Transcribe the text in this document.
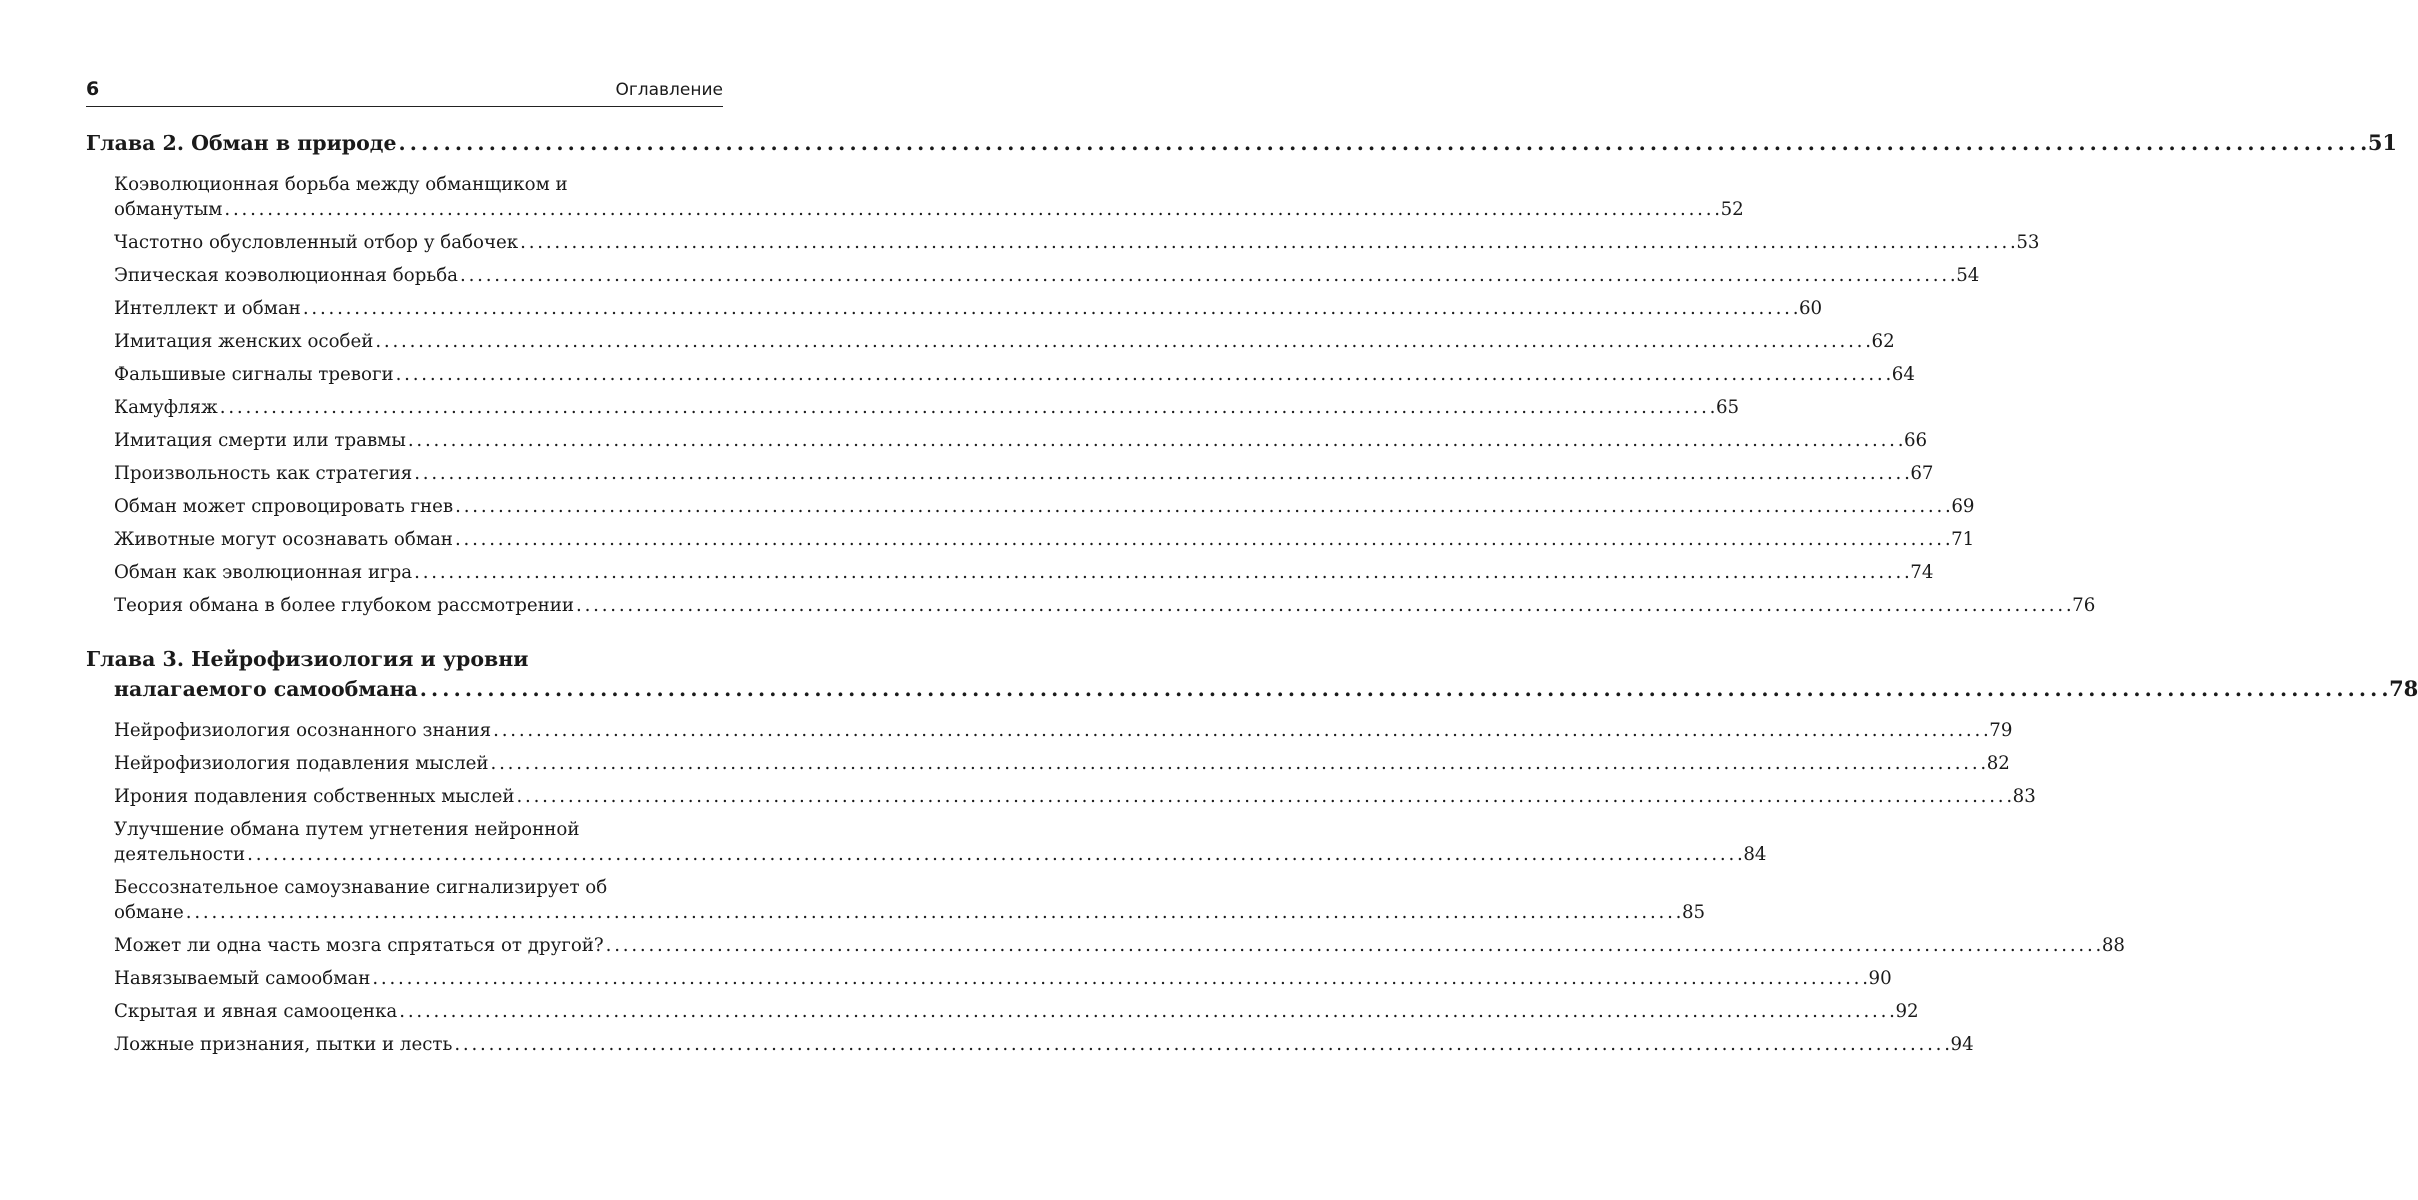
6	Оглавление
Глава 2. Обман в природе . . .	51
Коэволюционная борьба между обманщиком и
обманутым . . .	52
Частотно обусловленный отбор у бабочек . . .	53
Эпическая коэволюционная борьба . . .	54
Интеллект и обман . . .	60
Имитация женских особей . . .	62
Фальшивые сигналы тревоги . . .	64
Камуфляж . . .	65
Имитация смерти или травмы . . .	66
Произвольность как стратегия . . .	67
Обман может спровоцировать гнев . . .	69
Животные могут осознавать обман . . .	71
Обман как эволюционная игра . . .	74
Теория обмана в более глубоком рассмотрении . . .	76
Глава 3. Нейрофизиология и уровни
налагаемого самообмана . . .	78
Нейрофизиология осознанного знания . . .	79
Нейрофизиология подавления мыслей . . .	82
Ирония подавления собственных мыслей . . .	83
Улучшение обмана путем угнетения нейронной
деятельности . . .	84
Бессознательное самоузнавание сигнализирует об
обмане . . .	85
Может ли одна часть мозга спрятаться от другой? . . .	88
Навязываемый самообман . . .	90
Скрытая и явная самооценка . . .	92
Ложные признания, пытки и лесть . . .	94
